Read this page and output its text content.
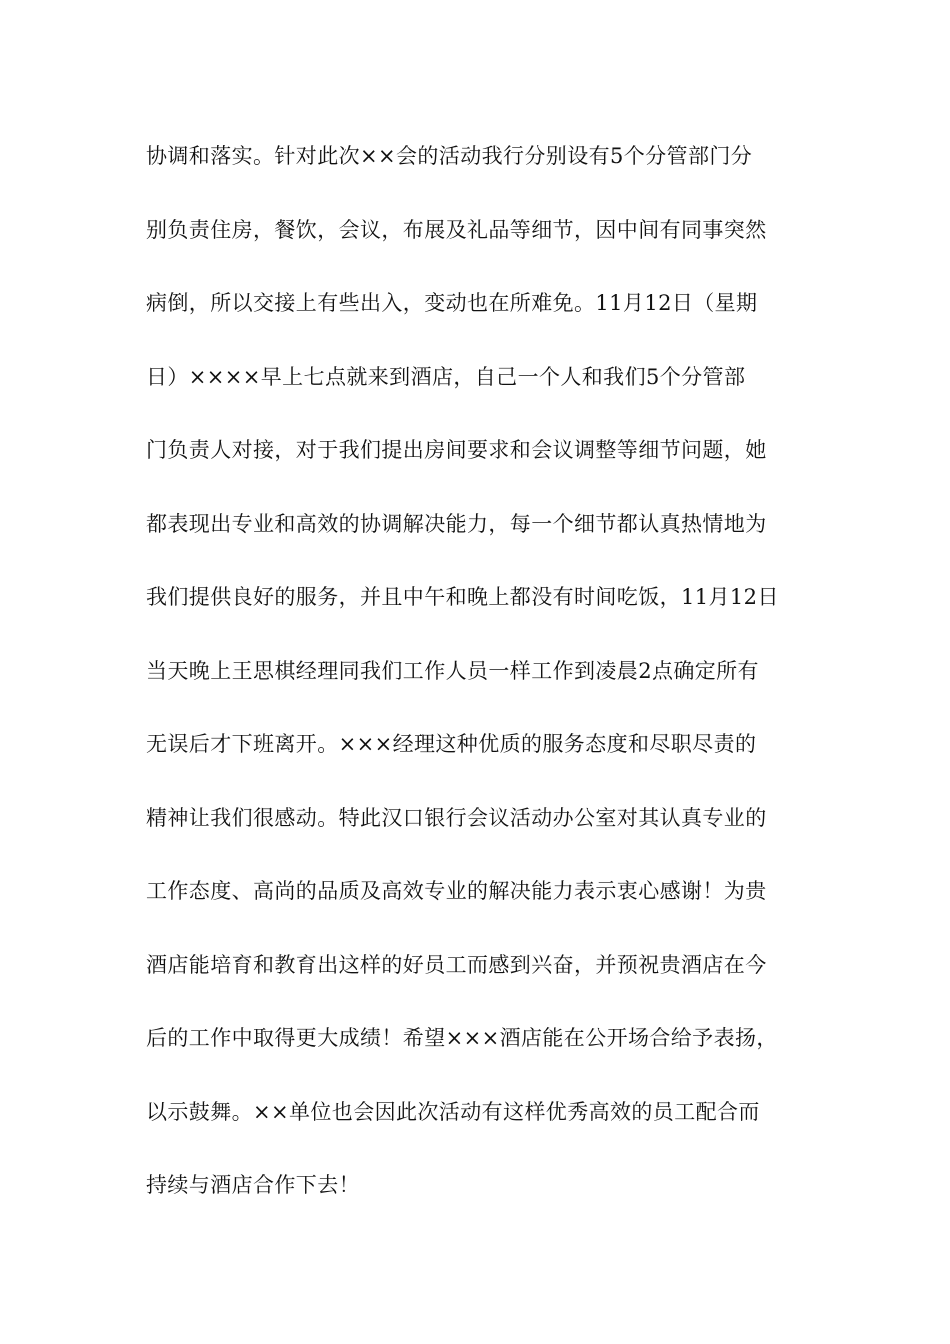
协调和落实。针对此次××会的活动我行分别设有5个分管部门分
别负责住房，餐饮，会议，布展及礼品等细节，因中间有同事突然
病倒，所以交接上有些出入，变动也在所难免。11月12日（星期
日）××××早上七点就来到酒店，自己一个人和我们5个分管部
门负责人对接，对于我们提出房间要求和会议调整等细节问题，她
都表现出专业和高效的协调解决能力，每一个细节都认真热情地为
我们提供良好的服务，并且中午和晚上都没有时间吃饭，11月12日
当天晚上王思棋经理同我们工作人员一样工作到凌晨2点确定所有
无误后才下班离开。×××经理这种优质的服务态度和尽职尽责的
精神让我们很感动。特此汉口银行会议活动办公室对其认真专业的
工作态度、高尚的品质及高效专业的解决能力表示衷心感谢！为贵
酒店能培育和教育出这样的好员工而感到兴奋，并预祝贵酒店在今
后的工作中取得更大成绩！希望×××酒店能在公开场合给予表扬，
以示鼓舞。××单位也会因此次活动有这样优秀高效的员工配合而
持续与酒店合作下去！
